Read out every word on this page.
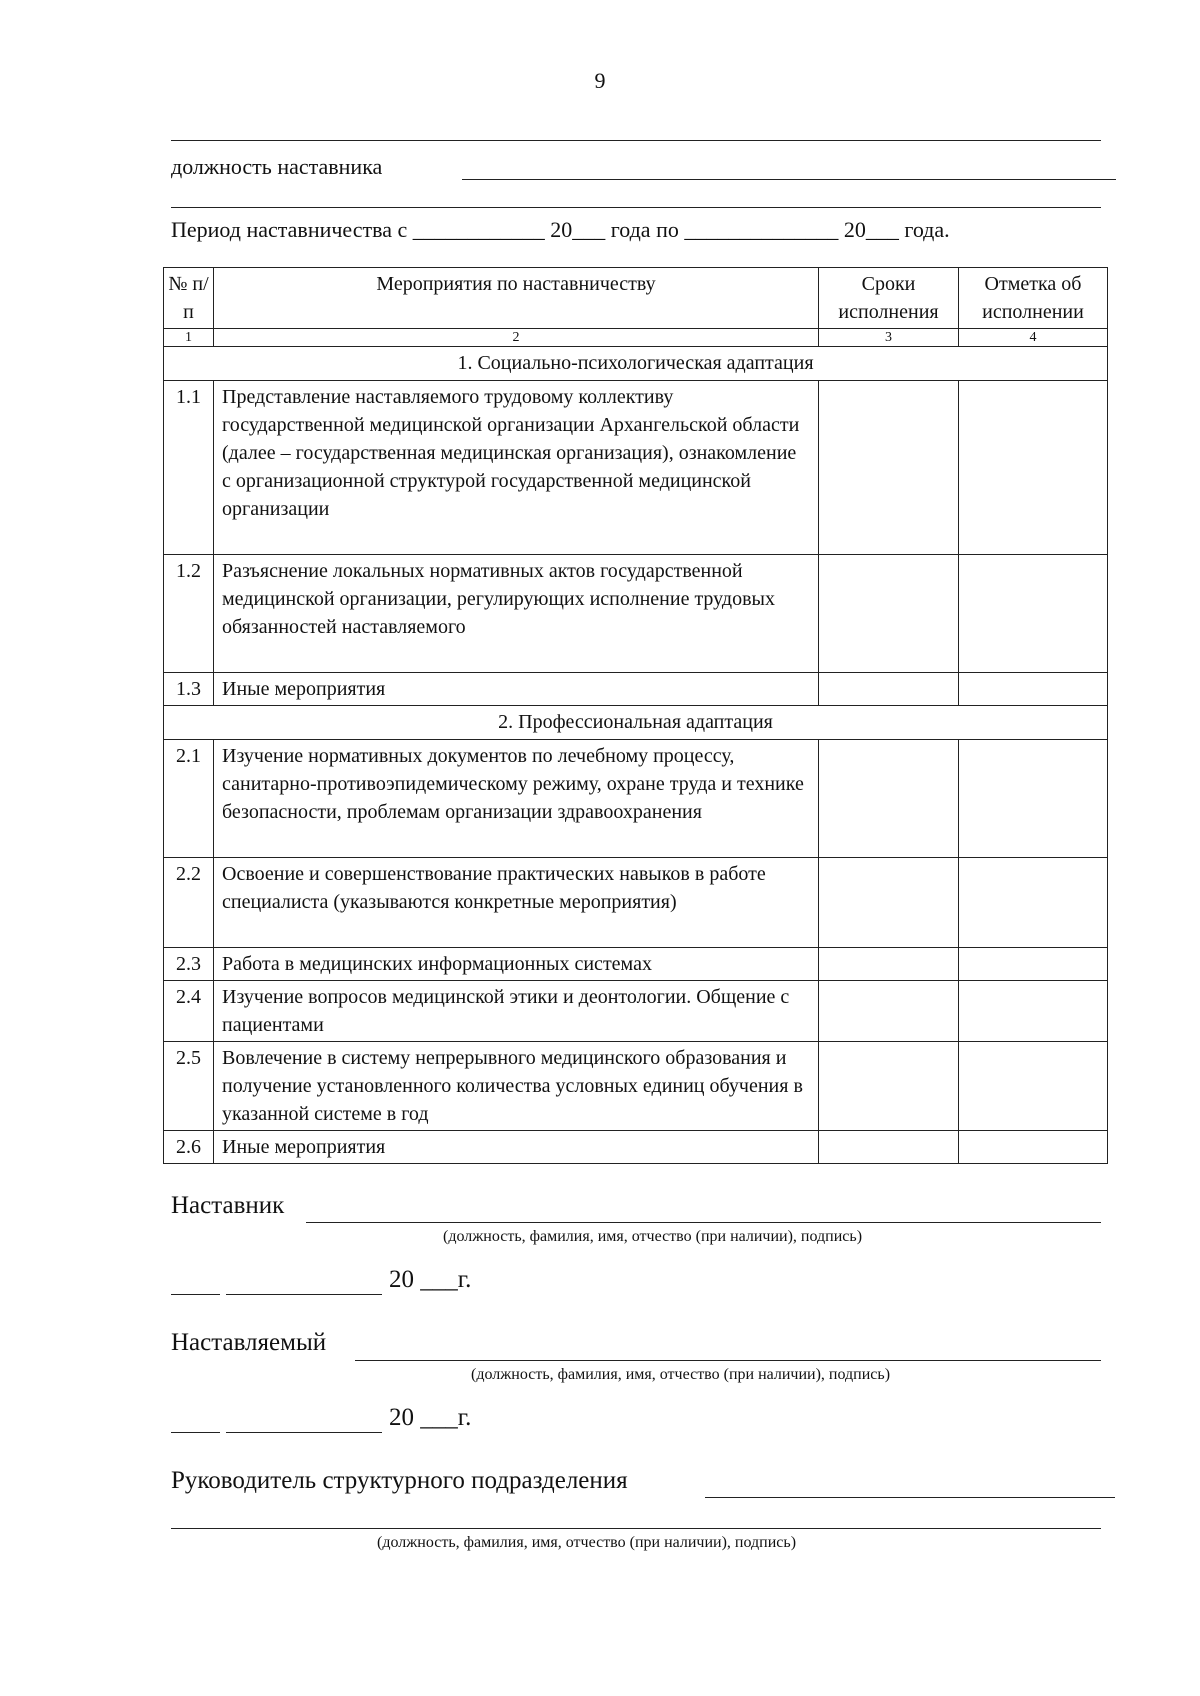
9
должность наставника
Период наставничества с ____________ 20___ года по ______________ 20___ года.
№ п/п	Мероприятия по наставничеству	Сроки исполнения	Отметка об исполнении
1	2	3	4
1. Социально-психологическая адаптация			
1.1	Представление наставляемого трудовому коллективу государственной медицинской организации Архангельской области (далее – государственная медицинская организация), ознакомление с организационной структурой государственной медицинской организации		
1.2	Разъяснение локальных нормативных актов государственной медицинской организации, регулирующих исполнение трудовых обязанностей наставляемого		
1.3	Иные мероприятия		
2. Профессиональная адаптация			
2.1	Изучение нормативных документов по лечебному процессу, санитарно-противоэпидемическому режиму, охране труда и технике безопасности, проблемам организации здравоохранения		
2.2	Освоение и совершенствование практических навыков в работе специалиста (указываются конкретные мероприятия)		
2.3	Работа в медицинских информационных системах		
2.4	Изучение вопросов медицинской этики и деонтологии. Общение с пациентами		
2.5	Вовлечение в систему непрерывного медицинского образования и получение установленного количества условных единиц обучения в указанной системе в год		
2.6	Иные мероприятия		
Наставник
(должность, фамилия, имя, отчество (при наличии), подпись)
20 ___г.
Наставляемый
(должность, фамилия, имя, отчество (при наличии), подпись)
20 ___г.
Руководитель структурного подразделения
(должность, фамилия, имя, отчество (при наличии), подпись)
